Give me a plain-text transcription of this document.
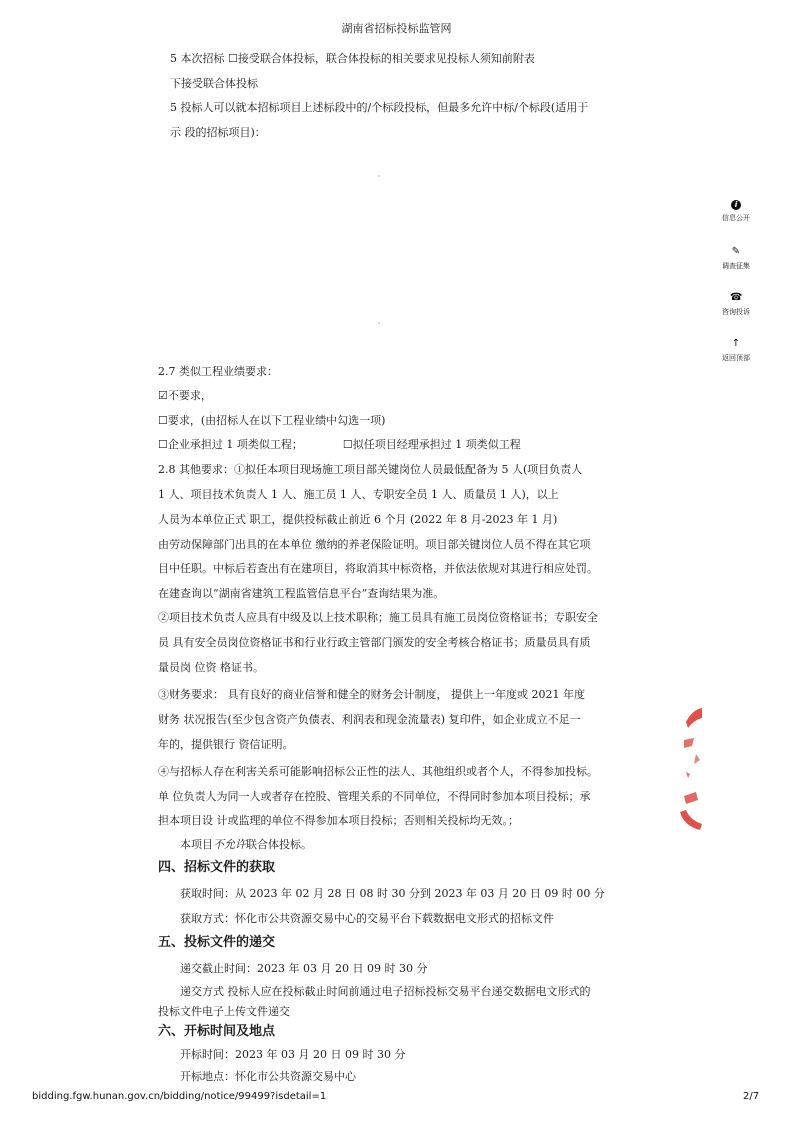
湖南省招标投标监管网
5 本次招标 ☐接受联合体投标，联合体投标的相关要求见投标人须知前附表
下接受联合体投标
5 投标人可以就本招标项目上述标段中的/个标段投标，但最多允许中标/个标段(适用于
示 段的招标项目)：
2.7 类似工程业绩要求：
☑不要求，
☐要求，(由招标人在以下工程业绩中勾选一项)
☐企业承担过 1 项类似工程；	☐拟任项目经理承担过 1 项类似工程
2.8 其他要求：①拟任本项目现场施工项目部关键岗位人员最低配备为 5 人(项目负责人
1 人、项目技术负责人 1 人、施工员 1 人、专职安全员 1 人、质量员 1 人)，以上
人员为本单位正式 职工，提供投标截止前近 6 个月 (2022 年 8 月-2023 年 1 月)
由劳动保障部门出具的在本单位 缴纳的养老保险证明。项目部关键岗位人员不得在其它项
目中任职。中标后若查出有在建项目，将取消其中标资格，并依法依规对其进行相应处罚。
在建查询以“湖南省建筑工程监管信息平台”查询结果为准。
②项目技术负责人应具有中级及以上技术职称；施工员具有施工员岗位资格证书；专职安全
员 具有安全员岗位资格证书和行业行政主管部门颁发的安全考核合格证书；质量员具有质
量员岗 位资 格证书。
③财务要求： 具有良好的商业信誉和健全的财务会计制度， 提供上一年度或 2021 年度
财务 状况报告(至少包含资产负债表、利润表和现金流量表) 复印件，如企业成立不足一
年的，提供银行 资信证明。
④与招标人存在利害关系可能影响招标公正性的法人、其他组织或者个人，不得参加投标。
单 位负责人为同一人或者存在控股、管理关系的不同单位，不得同时参加本项目投标；承
担本项目设 计或监理的单位不得参加本项目投标；否则相关投标均无效。；
本项目不允许联合体投标。
四、招标文件的获取
获取时间：从 2023 年 02 月 28 日 08 时 30 分到 2023 年 03 月 20 日 09 时 00 分
获取方式：怀化市公共资源交易中心的交易平台下载数据电文形式的招标文件
五、投标文件的递交
递交截止时间：2023 年 03 月 20 日 09 时 30 分
递交方式 投标人应在投标截止时间前通过电子招标投标交易平台递交数据电文形式的
投标文件电子上传文件递交
六、开标时间及地点
开标时间：2023 年 03 月 20 日 09 时 30 分
开标地点：怀化市公共资源交易中心
i
信息公开
✎
调查征集
☎
咨询投诉
↑
返回顶部
bidding.fgw.hunan.gov.cn/bidding/notice/99499?isdetail=1	2/7
